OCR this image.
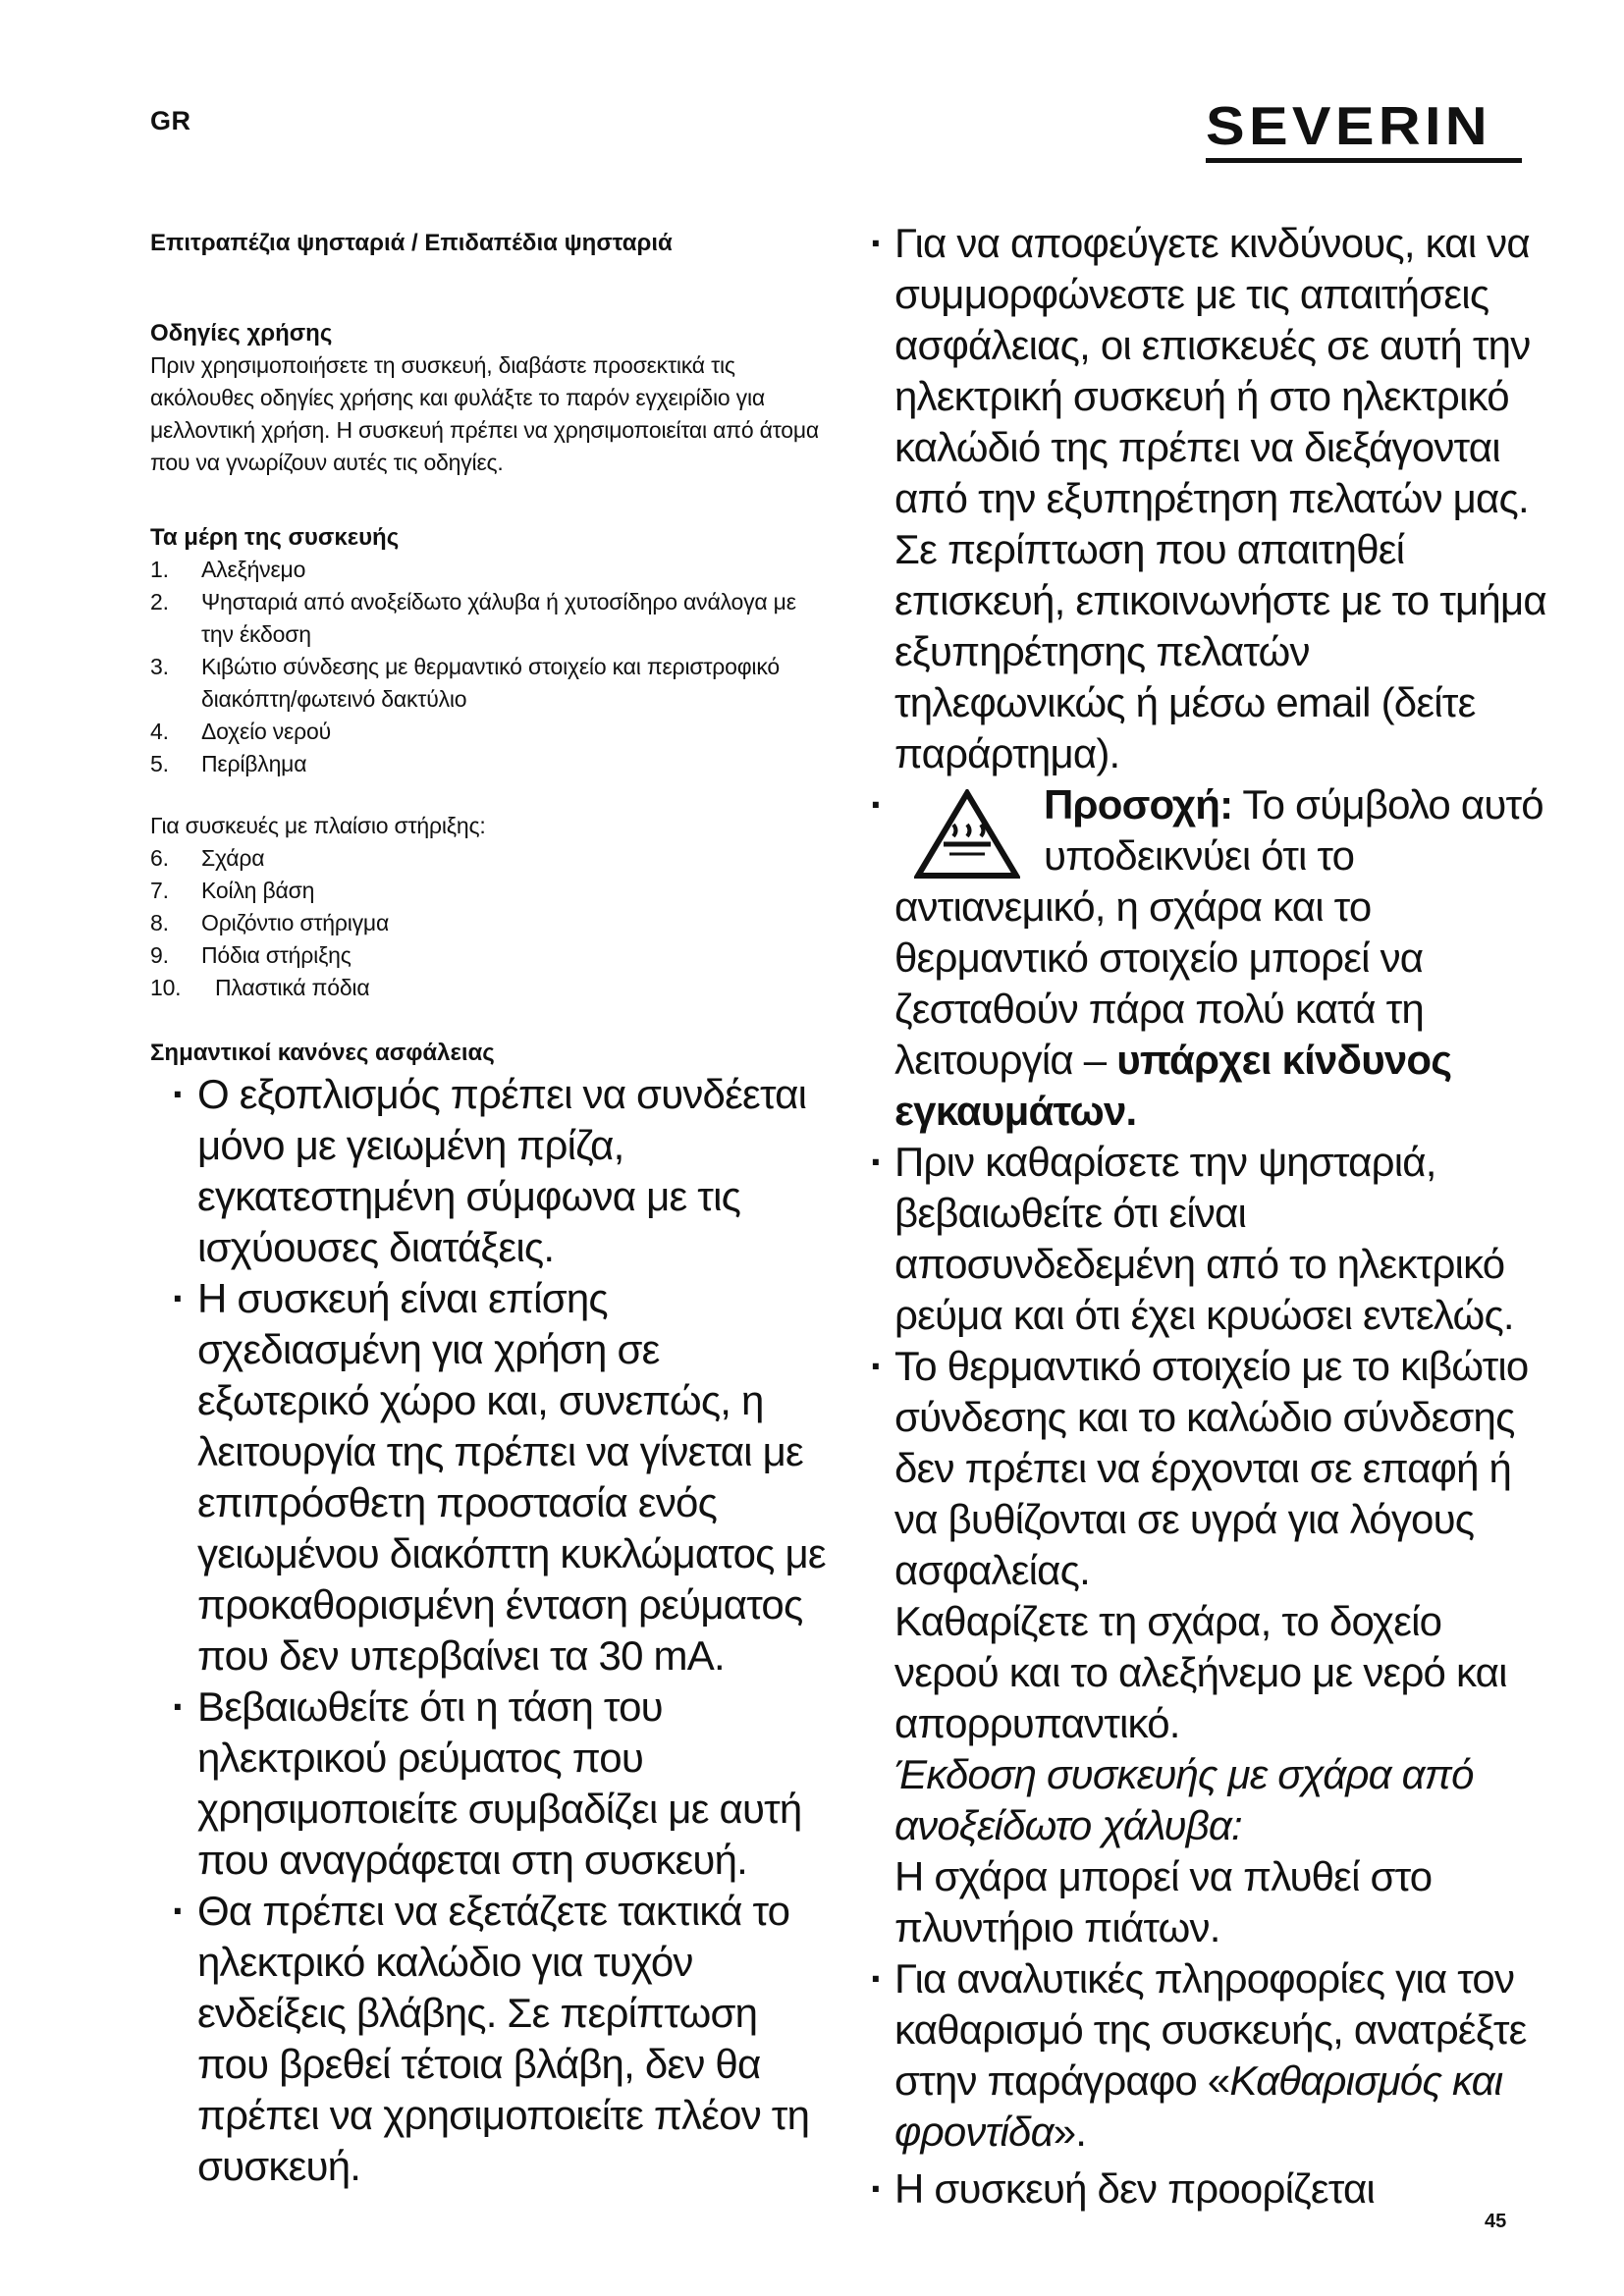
GR	SEVERIN
Επιτραπέζια ψησταριά / Επιδαπέδια ψησταριά
Οδηγίες χρήσης

Πριν χρησιμοποιήσετε τη συσκευή, διαβάστε προσεκτικά τις ακόλουθες οδηγίες χρήσης και φυλάξτε το παρόν εγχειρίδιο για μελλοντική χρήση. Η συσκευή πρέπει να χρησιμοποιείται από άτομα που να γνωρίζουν αυτές τις οδηγίες.

Τα μέρη της συσκευής
1.	Αλεξήνεμο
2.	Ψησταριά από ανοξείδωτο χάλυβα ή χυτοσίδηρο ανάλογα με την έκδοση
3.	Κιβώτιο σύνδεσης με θερμαντικό στοιχείο και περιστροφικό διακόπτη/φωτεινό δακτύλιο
4.	Δοχείο νερού
5.	Περίβλημα
Για συσκευές με πλαίσιο στήριξης:
6.	Σχάρα
7.	Κοίλη βάση
8.	Οριζόντιο στήριγμα
9.	Πόδια στήριξης
10.	Πλαστικά πόδια
Σημαντικοί κανόνες ασφάλειας
· Ο εξοπλισμός πρέπει να συνδέεται μόνο με γειωμένη πρίζα, εγκατεστημένη σύμφωνα με τις ισχύουσες διατάξεις.
· Η συσκευή είναι επίσης σχεδιασμένη για χρήση σε εξωτερικό χώρο και, συνεπώς, η λειτουργία της πρέπει να γίνεται με επιπρόσθετη προστασία ενός γειωμένου διακόπτη κυκλώματος με προκαθορισμένη ένταση ρεύματος που δεν υπερβαίνει τα 30 mA.
· Βεβαιωθείτε ότι η τάση του ηλεκτρικού ρεύματος που χρησιμοποιείτε συμβαδίζει με αυτή που αναγράφεται στη συσκευή.
· Θα πρέπει να εξετάζετε τακτικά το ηλεκτρικό καλώδιο για τυχόν ενδείξεις βλάβης. Σε περίπτωση που βρεθεί τέτοια βλάβη, δεν θα πρέπει να χρησιμοποιείτε πλέον τη συσκευή.
· Για να αποφεύγετε κινδύνους, και να συμμορφώνεστε με τις απαιτήσεις ασφάλειας, οι επισκευές σε αυτή την ηλεκτρική συσκευή ή στο ηλεκτρικό καλώδιό της πρέπει να διεξάγονται από την εξυπηρέτηση πελατών μας. Σε περίπτωση που απαιτηθεί επισκευή, επικοινωνήστε με το τμήμα εξυπηρέτησης πελατών τηλεφωνικώς ή μέσω email (δείτε παράρτημα).
·	Προσοχή: Το σύμβολο αυτό
υποδεικνύει ότι το
αντιανεμικό, η σχάρα και το θερμαντικό στοιχείο μπορεί να ζεσταθούν πάρα πολύ κατά τη λειτουργία – υπάρχει κίνδυνος εγκαυμάτων.
· Πριν καθαρίσετε την ψησταριά, βεβαιωθείτε ότι είναι αποσυνδεδεμένη από το ηλεκτρικό ρεύμα και ότι έχει κρυώσει εντελώς.
· Το θερμαντικό στοιχείο με το κιβώτιο σύνδεσης και το καλώδιο σύνδεσης δεν πρέπει να έρχονται σε επαφή ή να βυθίζονται σε υγρά για λόγους ασφαλείας.
Καθαρίζετε τη σχάρα, το δοχείο νερού και το αλεξήνεμο με νερό και απορρυπαντικό.
Έκδοση συσκευής με σχάρα από ανοξείδωτο χάλυβα:
Η σχάρα μπορεί να πλυθεί στο πλυντήριο πιάτων.
· Για αναλυτικές πληροφορίες για τον καθαρισμό της συσκευής, ανατρέξτε στην παράγραφο «Καθαρισμός και φροντίδα».
· Η συσκευή δεν προορίζεται
45
